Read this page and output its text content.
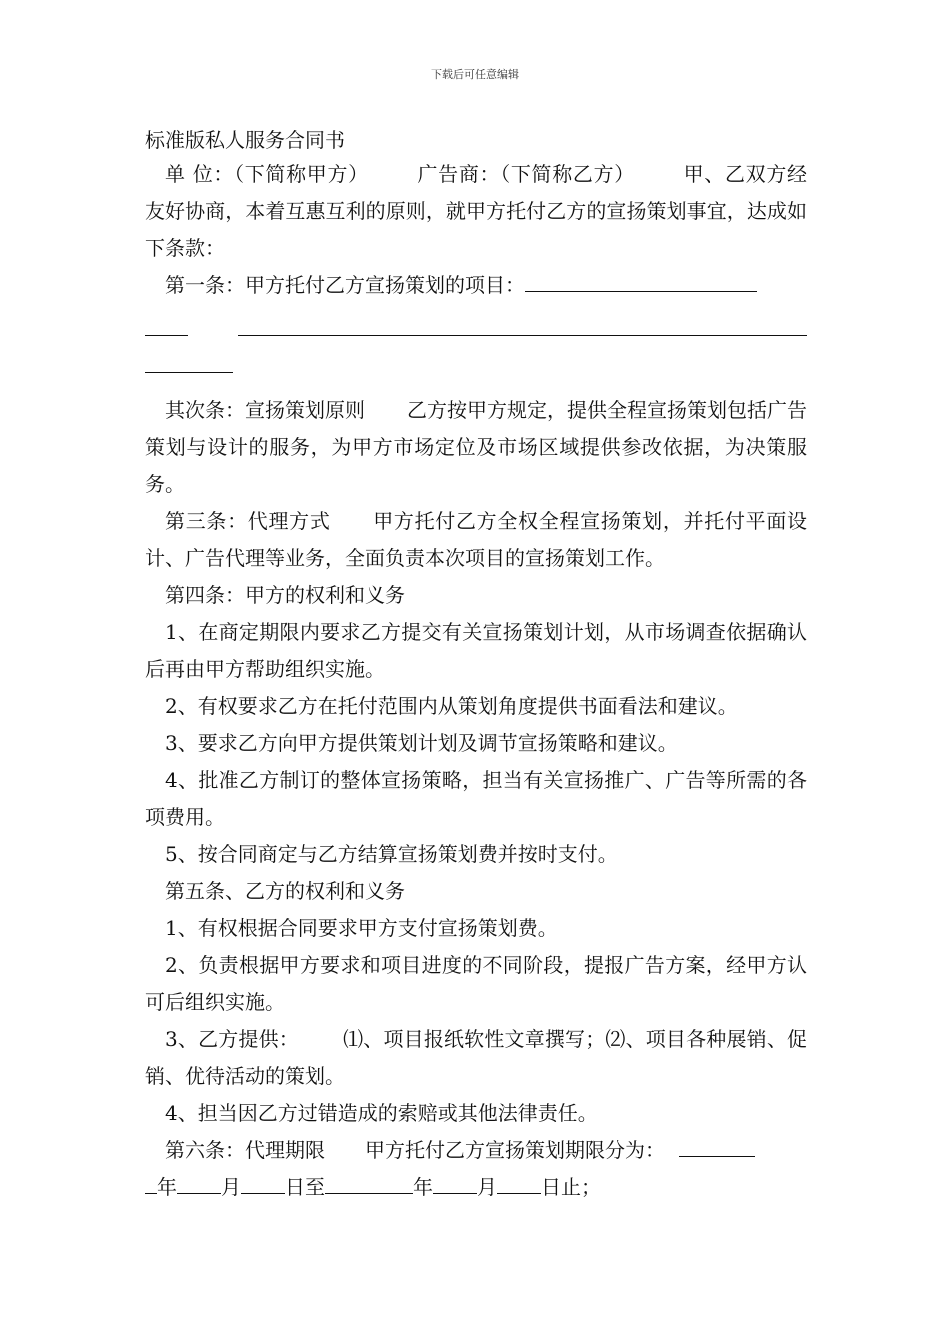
下载后可任意编辑
标准版私人服务合同书

单 位：（下简称甲方） 广告商：（下简称乙方） 甲、乙双方经友好协商，本着互惠互利的原则，就甲方托付乙方的宣扬策划事宜，达成如下条款：

第一条：甲方托付乙方宣扬策划的项目：

其次条：宣扬策划原则 乙方按甲方规定，提供全程宣扬策划包括广告策划与设计的服务，为甲方市场定位及市场区域提供参改依据，为决策服务。

第三条：代理方式 甲方托付乙方全权全程宣扬策划，并托付平面设计、广告代理等业务，全面负责本次项目的宣扬策划工作。

第四条：甲方的权利和义务

1、在商定期限内要求乙方提交有关宣扬策划计划，从市场调查依据确认后再由甲方帮助组织实施。

2、有权要求乙方在托付范围内从策划角度提供书面看法和建议。

3、要求乙方向甲方提供策划计划及调节宣扬策略和建议。

4、批准乙方制订的整体宣扬策略，担当有关宣扬推广、广告等所需的各项费用。

5、按合同商定与乙方结算宣扬策划费并按时支付。

第五条、乙方的权利和义务

1、有权根据合同要求甲方支付宣扬策划费。

2、负责根据甲方要求和项目进度的不同阶段，提报广告方案，经甲方认可后组织实施。

3、乙方提供： ⑴、项目报纸软性文章撰写；⑵、项目各种展销、促销、优待活动的策划。

4、担当因乙方过错造成的索赔或其他法律责任。

第六条：代理期限 甲方托付乙方宣扬策划期限分为：

年 月 日至	年 月 日止；
